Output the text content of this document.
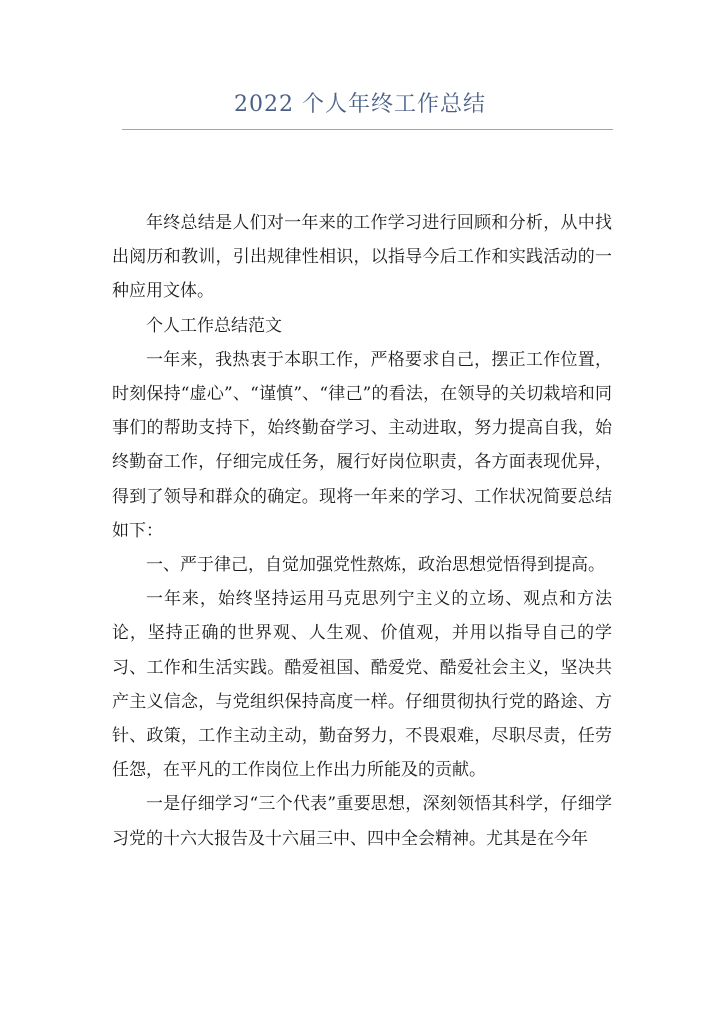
2022 个人年终工作总结

年终总结是人们对一年来的工作学习进行回顾和分析，从中找出阅历和教训，引出规律性相识，以指导今后工作和实践活动的一种应用文体。

个人工作总结范文

一年来，我热衷于本职工作，严格要求自己，摆正工作位置，时刻保持“虚心”、“谨慎”、“律己”的看法，在领导的关切栽培和同事们的帮助支持下，始终勤奋学习、主动进取，努力提高自我，始终勤奋工作，仔细完成任务，履行好岗位职责，各方面表现优异，得到了领导和群众的确定。现将一年来的学习、工作状况简要总结如下：

一、严于律己，自觉加强党性熬炼，政治思想觉悟得到提高。

一年来，始终坚持运用马克思列宁主义的立场、观点和方法论，坚持正确的世界观、人生观、价值观，并用以指导自己的学习、工作和生活实践。酷爱祖国、酷爱党、酷爱社会主义，坚决共产主义信念，与党组织保持高度一样。仔细贯彻执行党的路途、方针、政策，工作主动主动，勤奋努力，不畏艰难，尽职尽责，任劳任怨，在平凡的工作岗位上作出力所能及的贡献。

一是仔细学习“三个代表”重要思想，深刻领悟其科学，仔细学习党的十六大报告及十六届三中、四中全会精神。尤其是在今年
